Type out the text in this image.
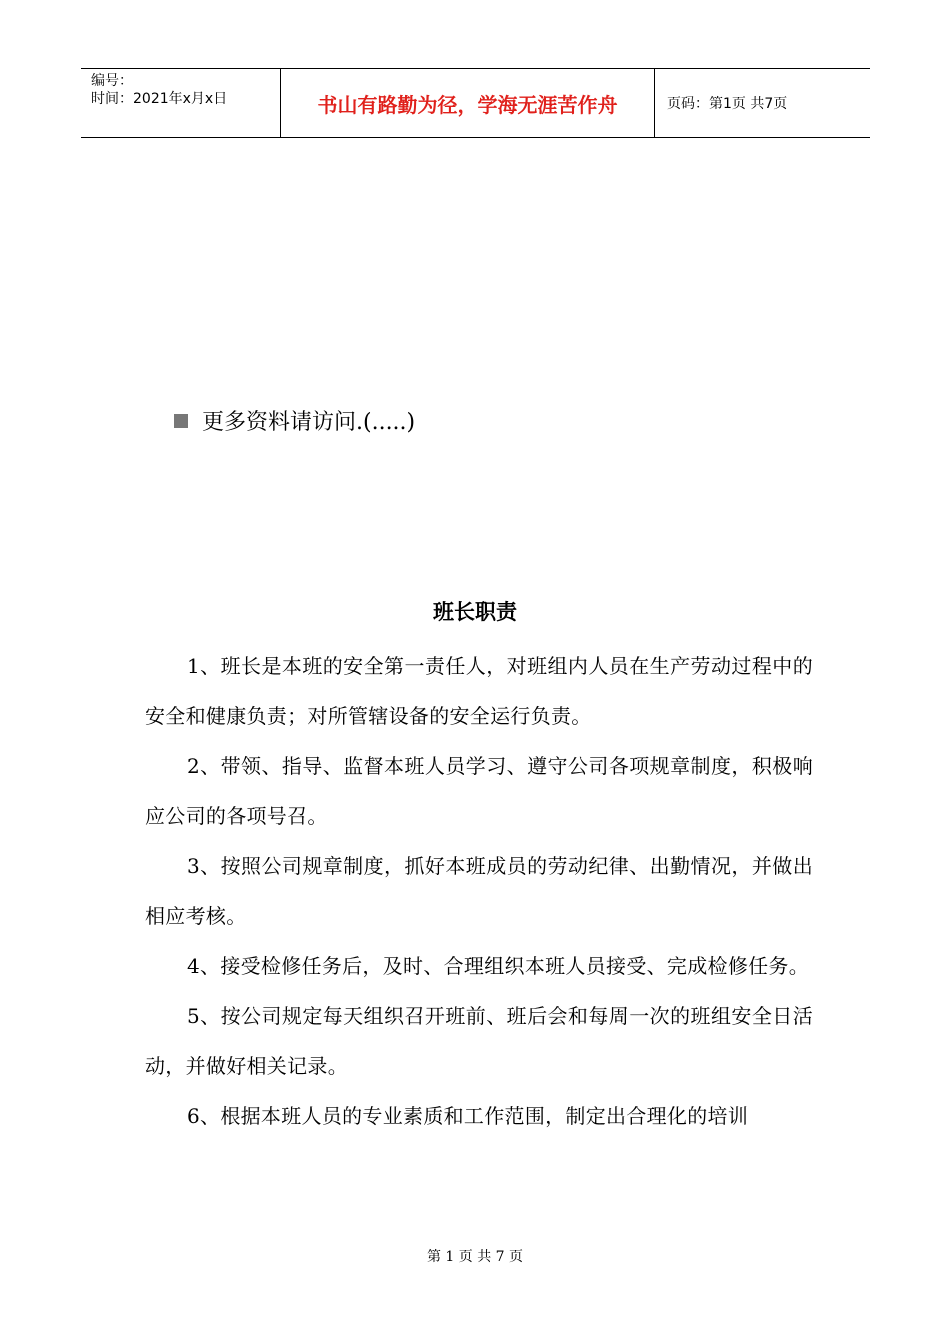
编号：
时间：2021年x月x日	书山有路勤为径，学海无涯苦作舟	页码：第1页 共7页
更多资料请访问.(.....)
班长职责

1、班长是本班的安全第一责任人，对班组内人员在生产劳动过程中的安全和健康负责；对所管辖设备的安全运行负责。

2、带领、指导、监督本班人员学习、遵守公司各项规章制度，积极响应公司的各项号召。

3、按照公司规章制度，抓好本班成员的劳动纪律、出勤情况，并做出相应考核。

4、接受检修任务后，及时、合理组织本班人员接受、完成检修任务。

5、按公司规定每天组织召开班前、班后会和每周一次的班组安全日活动，并做好相关记录。

6、根据本班人员的专业素质和工作范围，制定出合理化的培训

第 1 页 共 7 页
